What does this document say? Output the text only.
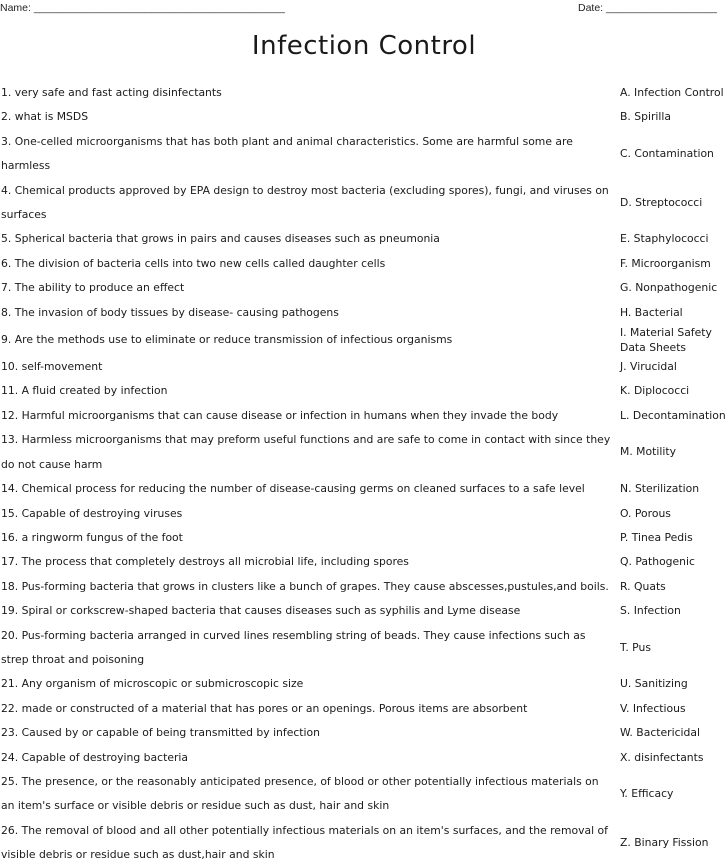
Name: ___________________________________________	Date: ___________________
Infection Control
1. very safe and fast acting disinfectants	A. Infection Control
2. what is MSDS	B. Spirilla
3. One-celled microorganisms that has both plant and animal characteristics. Some are harmful some are harmless
C. Contamination
4. Chemical products approved by EPA design to destroy most bacteria (excluding spores), fungi, and viruses on surfaces
D. Streptococci
5. Spherical bacteria that grows in pairs and causes diseases such as pneumonia	E. Staphylococci
6. The division of bacteria cells into two new cells called daughter cells	F. Microorganism
7. The ability to produce an effect	G. Nonpathogenic
8. The invasion of body tissues by disease- causing pathogens	H. Bacterial
9. Are the methods use to eliminate or reduce transmission of infectious organisms
I. Material Safety Data Sheets
10. self-movement	J. Virucidal
11. A fluid created by infection	K. Diplococci
12. Harmful microorganisms that can cause disease or infection in humans when they invade the body	L. Decontamination
13. Harmless microorganisms that may preform useful functions and are safe to come in contact with since they do not cause harm
M. Motility
14. Chemical process for reducing the number of disease-causing germs on cleaned surfaces to a safe level	N. Sterilization
15. Capable of destroying viruses	O. Porous
16. a ringworm fungus of the foot	P. Tinea Pedis
17. The process that completely destroys all microbial life, including spores	Q. Pathogenic
18. Pus-forming bacteria that grows in clusters like a bunch of grapes. They cause abscesses,pustules,and boils.	R. Quats
19. Spiral or corkscrew-shaped bacteria that causes diseases such as syphilis and Lyme disease	S. Infection
20. Pus-forming bacteria arranged in curved lines resembling string of beads. They cause infections such as strep throat and poisoning
T. Pus
21. Any organism of microscopic or submicroscopic size	U. Sanitizing
22. made or constructed of a material that has pores or an openings. Porous items are absorbent	V. Infectious
23. Caused by or capable of being transmitted by infection	W. Bactericidal
24. Capable of destroying bacteria	X. disinfectants
25. The presence, or the reasonably anticipated presence, of blood or other potentially infectious materials on an item's surface or visible debris or residue such as dust, hair and skin
Y. Efficacy
26. The removal of blood and all other potentially infectious materials on an item's surfaces, and the removal of visible debris or residue such as dust,hair and skin
Z. Binary Fission
